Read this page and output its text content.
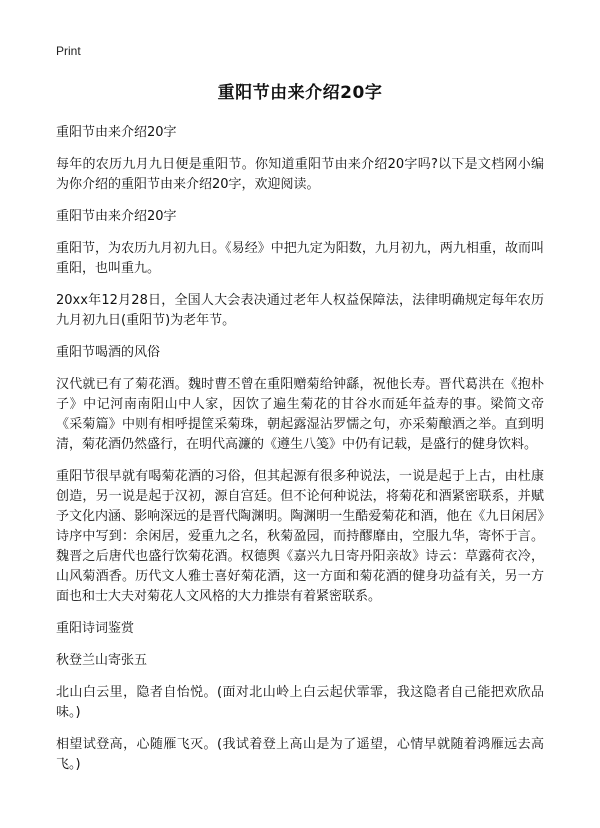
Print
重阳节由来介绍20字
重阳节由来介绍20字
每年的农历九月九日便是重阳节。你知道重阳节由来介绍20字吗?以下是文档网小编为你介绍的重阳节由来介绍20字，欢迎阅读。
重阳节由来介绍20字
重阳节，为农历九月初九日。《易经》中把九定为阳数，九月初九，两九相重，故而叫重阳，也叫重九。
20xx年12月28日，全国人大会表决通过老年人权益保障法，法律明确规定每年农历九月初九日(重阳节)为老年节。
重阳节喝酒的风俗
汉代就已有了菊花酒。魏时曹丕曾在重阳赠菊给钟繇，祝他长寿。晋代葛洪在《抱朴子》中记河南南阳山中人家，因饮了遍生菊花的甘谷水而延年益寿的事。梁简文帝《采菊篇》中则有相呼提筐采菊珠，朝起露湿沾罗懦之句，亦采菊酿酒之举。直到明清，菊花酒仍然盛行，在明代高濂的《遵生八笺》中仍有记载，是盛行的健身饮料。
重阳节很早就有喝菊花酒的习俗，但其起源有很多种说法，一说是起于上古，由杜康创造，另一说是起于汉初，源自宫廷。但不论何种说法，将菊花和酒紧密联系，并赋予文化内涵、影响深远的是晋代陶渊明。陶渊明一生酷爱菊花和酒，他在《九日闲居》诗序中写到：余闲居，爱重九之名，秋菊盈园，而持醪靡由，空服九华，寄怀于言。魏晋之后唐代也盛行饮菊花酒。权德舆《嘉兴九日寄丹阳亲故》诗云：草露荷衣冷，山风菊酒香。历代文人雅士喜好菊花酒，这一方面和菊花酒的健身功益有关，另一方面也和士大夫对菊花人文风格的大力推崇有着紧密联系。
重阳诗词鉴赏
秋登兰山寄张五
北山白云里，隐者自怡悦。(面对北山岭上白云起伏霏霏，我这隐者自己能把欢欣品味。)
相望试登高，心随雁飞灭。(我试着登上高山是为了遥望，心情早就随着鸿雁远去高飞。)
